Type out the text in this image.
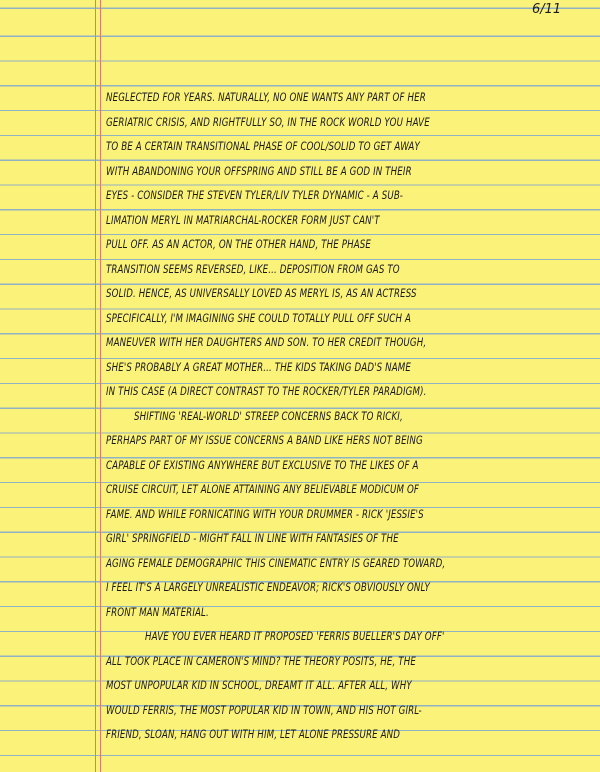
6/11
NEGLECTED FOR YEARS. NATURALLY, NO ONE WANTS ANY PART OF HER
GERIATRIC CRISIS, AND RIGHTFULLY SO, IN THE ROCK WORLD YOU HAVE
TO BE A CERTAIN TRANSITIONAL PHASE OF COOL/SOLID TO GET AWAY
WITH ABANDONING YOUR OFFSPRING AND STILL BE A GOD IN THEIR
EYES - CONSIDER THE STEVEN TYLER/LIV TYLER DYNAMIC - A SUB-
LIMATION MERYL IN MATRIARCHAL-ROCKER FORM JUST CAN'T
PULL OFF. AS AN ACTOR, ON THE OTHER HAND, THE PHASE
TRANSITION SEEMS REVERSED, LIKE... DEPOSITION FROM GAS TO
SOLID. HENCE, AS UNIVERSALLY LOVED AS MERYL IS, AS AN ACTRESS
SPECIFICALLY, I'M IMAGINING SHE COULD TOTALLY PULL OFF SUCH A
MANEUVER WITH HER DAUGHTERS AND SON. TO HER CREDIT THOUGH,
SHE'S PROBABLY A GREAT MOTHER... THE KIDS TAKING DAD'S NAME
IN THIS CASE (A DIRECT CONTRAST TO THE ROCKER/TYLER PARADIGM).
SHIFTING 'REAL-WORLD' STREEP CONCERNS BACK TO RICKI,
PERHAPS PART OF MY ISSUE CONCERNS A BAND LIKE HERS NOT BEING
CAPABLE OF EXISTING ANYWHERE BUT EXCLUSIVE TO THE LIKES OF A
CRUISE CIRCUIT, LET ALONE ATTAINING ANY BELIEVABLE MODICUM OF
FAME. AND WHILE FORNICATING WITH YOUR DRUMMER - RICK 'JESSIE'S
GIRL' SPRINGFIELD - MIGHT FALL IN LINE WITH FANTASIES OF THE
AGING FEMALE DEMOGRAPHIC THIS CINEMATIC ENTRY IS GEARED TOWARD,
I FEEL IT'S A LARGELY UNREALISTIC ENDEAVOR; RICK'S OBVIOUSLY ONLY
FRONT MAN MATERIAL.
HAVE YOU EVER HEARD IT PROPOSED 'FERRIS BUELLER'S DAY OFF'
ALL TOOK PLACE IN CAMERON'S MIND? THE THEORY POSITS, HE, THE
MOST UNPOPULAR KID IN SCHOOL, DREAMT IT ALL. AFTER ALL, WHY
WOULD FERRIS, THE MOST POPULAR KID IN TOWN, AND HIS HOT GIRL-
FRIEND, SLOAN, HANG OUT WITH HIM, LET ALONE PRESSURE AND
